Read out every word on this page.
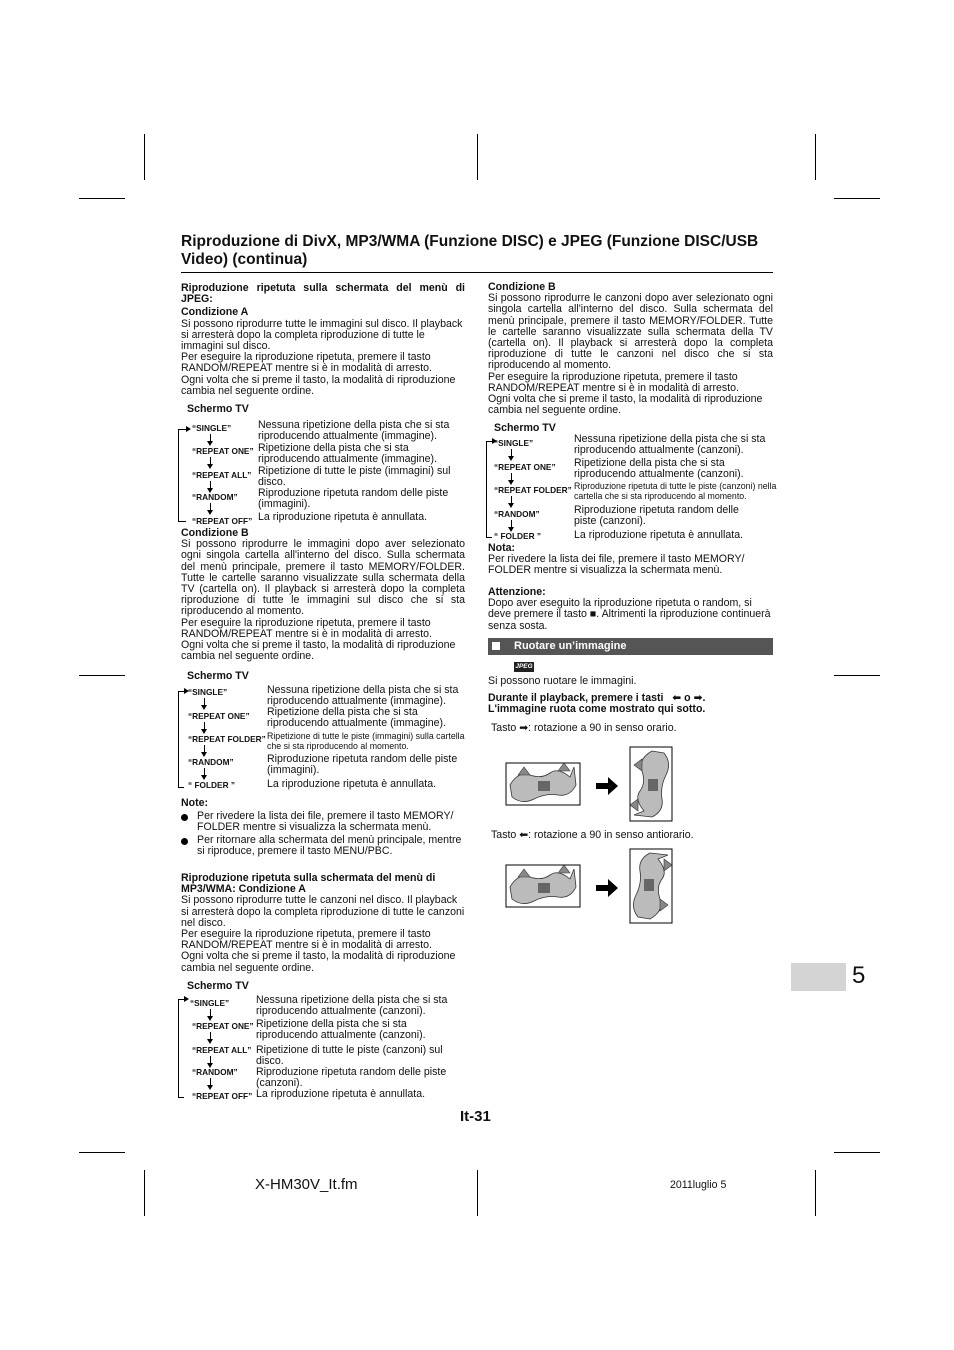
Riproduzione di DivX, MP3/WMA (Funzione DISC) e JPEG (Funzione DISC/USB Video) (continua)

Riproduzione ripetuta sulla schermata del menù di JPEG:

Condizione A

Si possono riprodurre tutte le immagini sul disco. Il playback si arresterà dopo la completa riproduzione di tutte le immagini sul disco.

Per eseguire la riproduzione ripetuta, premere il tasto RANDOM/REPEAT mentre si è in modalità di arresto.

Ogni volta che si preme il tasto, la modalità di riproduzione cambia nel seguente ordine.

Schermo TV
“SINGLE”	Nessuna ripetizione della pista che si sta riproducendo attualmente (immagine).
“REPEAT ONE” Ripetizione della pista che si sta riproducendo attualmente (immagine).
“REPEAT ALL” Ripetizione di tutte le piste (immagini) sul disco.
“RANDOM” Riproduzione ripetuta random delle piste (immagini).
“REPEAT OFF” La riproduzione ripetuta è annullata.

Condizione B

Si possono riprodurre le immagini dopo aver selezionato ogni singola cartella all'interno del disco. Sulla schermata del menù principale, premere il tasto MEMORY/FOLDER. Tutte le cartelle saranno visualizzate sulla schermata della TV (cartella on). Il playback si arresterà dopo la completa riproduzione di tutte le immagini sul disco che si sta riproducendo al momento.

Per eseguire la riproduzione ripetuta, premere il tasto RANDOM/REPEAT mentre si è in modalità di arresto.

Ogni volta che si preme il tasto, la modalità di riproduzione cambia nel seguente ordine.

Schermo TV
“SINGLE”	Nessuna ripetizione della pista che si sta riproducendo attualmente (immagine).
“REPEAT ONE” Ripetizione della pista che si sta riproducendo attualmente (immagine).
“REPEAT FOLDER” Ripetizione di tutte le piste (immagini) sulla cartella che si sta riproducendo al momento.
“RANDOM”	Riproduzione ripetuta random delle piste (immagini).
“ FOLDER ”	La riproduzione ripetuta è annullata.
Note:
Per rivedere la lista dei file, premere il tasto MEMORY/ FOLDER mentre si visualizza la schermata menù.
Per ritornare alla schermata del menù principale, mentre si riproduce, premere il tasto MENU/PBC.

Riproduzione ripetuta sulla schermata del menù di MP3/WMA: Condizione A

Si possono riprodurre tutte le canzoni nel disco. Il playback si arresterà dopo la completa riproduzione di tutte le canzoni nel disco.

Per eseguire la riproduzione ripetuta, premere il tasto RANDOM/REPEAT mentre si è in modalità di arresto.

Ogni volta che si preme il tasto, la modalità di riproduzione cambia nel seguente ordine.

Schermo TV
“SINGLE”	Nessuna ripetizione della pista che si sta riproducendo attualmente (canzoni).
“REPEAT ONE” Ripetizione della pista che si sta riproducendo attualmente (canzoni).
“REPEAT ALL” Ripetizione di tutte le piste (canzoni) sul disco.
“RANDOM” Riproduzione ripetuta random delle piste (canzoni).
“REPEAT OFF” La riproduzione ripetuta è annullata.

Condizione B

Si possono riprodurre le canzoni dopo aver selezionato ogni singola cartella all'interno del disco. Sulla schermata del menù principale, premere il tasto MEMORY/FOLDER. Tutte le cartelle saranno visualizzate sulla schermata della TV (cartella on). Il playback si arresterà dopo la completa riproduzione di tutte le canzoni nel disco che si sta riproducendo al momento.

Per eseguire la riproduzione ripetuta, premere il tasto RANDOM/REPEAT mentre si è in modalità di arresto.

Ogni volta che si preme il tasto, la modalità di riproduzione cambia nel seguente ordine.

Schermo TV
“SINGLE”	Nessuna ripetizione della pista che si sta riproducendo attualmente (canzoni).
“REPEAT ONE” Ripetizione della pista che si sta riproducendo attualmente (canzoni).
“REPEAT FOLDER” Riproduzione ripetuta di tutte le piste (canzoni) nella cartella che si sta riproducendo al momento.
“RANDOM”	Riproduzione ripetuta random delle piste (canzoni).
“ FOLDER ”	La riproduzione ripetuta è annullata.

Nota:

Per rivedere la lista dei file, premere il tasto MEMORY/ FOLDER mentre si visualizza la schermata menù.

Attenzione:

Dopo aver eseguito la riproduzione ripetuta o random, si deve premere il tasto ■. Altrimenti la riproduzione continuerà senza sosta.

Ruotare un’immagine
JPEG
Si possono ruotare le immagini.
Durante il playback, premere i tasti   ⬅ o ➡.
L'immagine ruota come mostrato qui sotto.
Tasto ➡: rotazione a 90 in senso orario.
Tasto ⬅: rotazione a 90 in senso antiorario.
5
It-31
X-HM30V_It.fm	2011luglio 5
